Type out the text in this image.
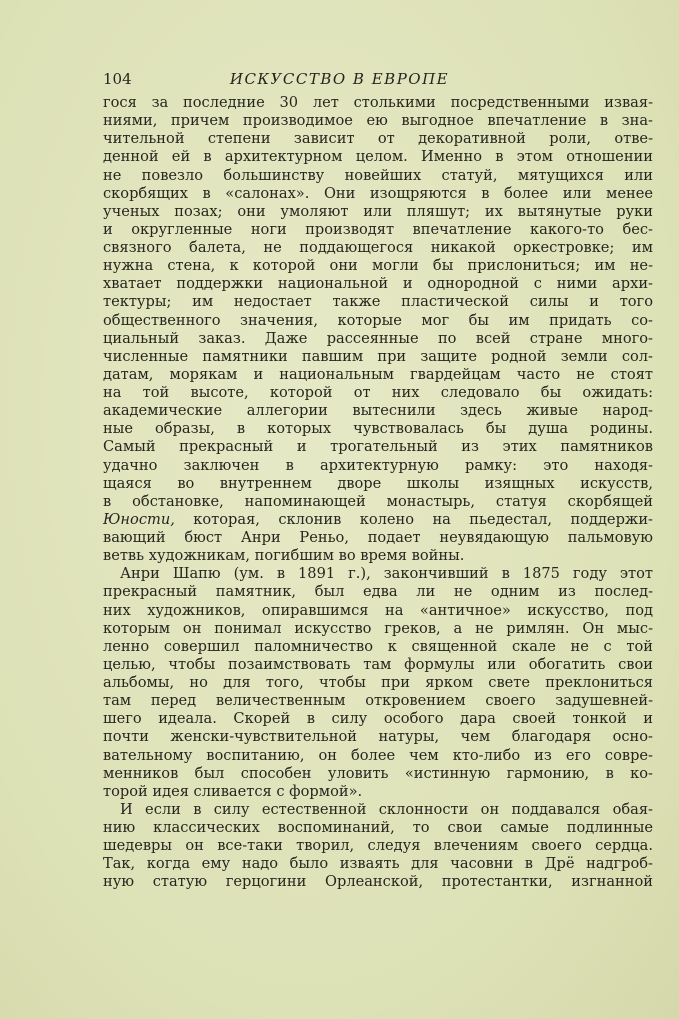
104	ИСКУССТВО В ЕВРОПЕ
гося за последние 30 лет столькими посредственными извая-
ниями, причем производимое ею выгодное впечатление в зна-
чительной степени зависит от декоративной роли, отве-
денной ей в архитектурном целом. Именно в этом отношении
не повезло большинству новейших статуй, мятущихся или
скорбящих в «салонах». Они изощряются в более или менее
ученых позах; они умоляют или пляшут; их вытянутые руки
и округленные ноги производят впечатление какого-то бес-
связного балета, не поддающегося никакой оркестровке; им
нужна стена, к которой они могли бы прислониться; им не-
хватает поддержки национальной и однородной с ними архи-
тектуры; им недостает также пластической силы и того
общественного значения, которые мог бы им придать со-
циальный заказ. Даже рассеянные по всей стране много-
численные памятники павшим при защите родной земли сол-
датам, морякам и национальным гвардейцам часто не стоят
на той высоте, которой от них следовало бы ожидать:
академические аллегории вытеснили здесь живые народ-
ные образы, в которых чувствовалась бы душа родины.
Самый прекрасный и трогательный из этих памятников
удачно заключен в архитектурную рамку: это находя-
щаяся во внутреннем дворе школы изящных искусств,
в обстановке, напоминающей монастырь, статуя скорбящей
Юности, которая, склонив колено на пьедестал, поддержи-
вающий бюст Анри Реньо, подает неувядающую пальмовую
ветвь художникам, погибшим во время войны.
Анри Шапю (ум. в 1891 г.), закончивший в 1875 году этот
прекрасный памятник, был едва ли не одним из послед-
них художников, опиравшимся на «античное» искусство, под
которым он понимал искусство греков, а не римлян. Он мыс-
ленно совершил паломничество к священной скале не с той
целью, чтобы позаимствовать там формулы или обогатить свои
альбомы, но для того, чтобы при ярком свете преклониться
там перед величественным откровением своего задушевней-
шего идеала. Скорей в силу особого дара своей тонкой и
почти женски-чувствительной натуры, чем благодаря осно-
вательному воспитанию, он более чем кто-либо из его совре-
менников был способен уловить «истинную гармонию, в ко-
торой идея сливается с формой».
И если в силу естественной склонности он поддавался обая-
нию классических воспоминаний, то свои самые подлинные
шедевры он все-таки творил, следуя влечениям своего сердца.
Так, когда ему надо было изваять для часовни в Дрё надгроб-
ную статую герцогини Орлеанской, протестантки, изгнанной
